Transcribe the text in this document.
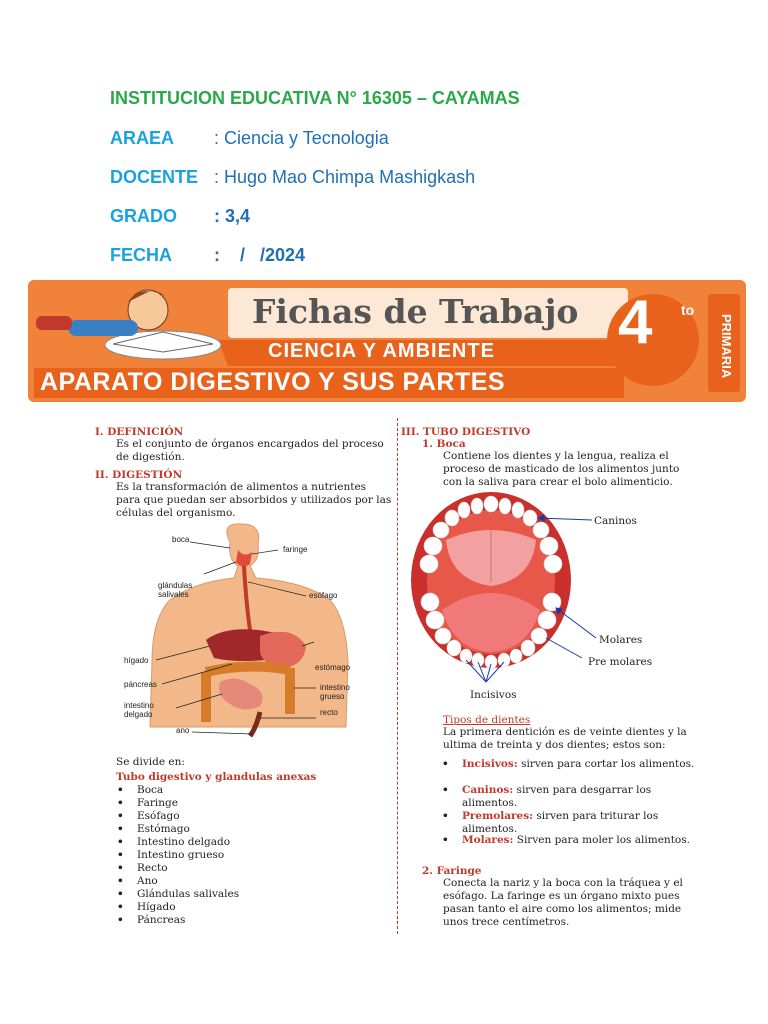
INSTITUCION EDUCATIVA N° 16305 – CAYAMAS
ARAEA : Ciencia y Tecnologia
DOCENTE : Hugo Mao Chimpa Mashigkash
GRADO : 3,4
FECHA :    /   /2024
Fichas de Trabajo
CIENCIA Y AMBIENTE
APARATO DIGESTIVO Y SUS PARTES
4 to
PRIMARIA
I. DEFINICIÓN
Es el conjunto de órganos encargados del proceso de digestión.
II. DIGESTIÓN
Es la transformación de alimentos a nutrientes para que puedan ser absorbidos y utilizados por las células del organismo.
boca
glándulas
salivales
faringe
esófago
hígado
estómago
páncreas	intestino
grueso
intestino
delgado	recto
ano
Se divide en:
Tubo digestivo y glandulas anexas
• Boca
• Faringe
• Esófago
• Estómago
• Intestino delgado
• Intestino grueso
• Recto
• Ano
• Glándulas salivales
• Hígado
• Páncreas
III. TUBO DIGESTIVO
1. Boca
Contiene los dientes y la lengua, realiza el proceso de masticado de los alimentos junto con la saliva para crear el bolo alimenticio.
Caninos
Molares
Pre molares
Incisivos
Tipos de dientes
La primera dentición es de veinte dientes y la ultima de treinta y dos dientes; estos son:
• Incisivos: sirven para cortar los alimentos.
• Caninos: sirven para desgarrar los alimentos.
• Premolares: sirven para triturar los alimentos.
• Molares: Sirven para moler los alimentos.
2. Faringe
Conecta la nariz y la boca con la tráquea y el esófago. La faringe es un órgano mixto pues pasan tanto el aire como los alimentos; mide unos trece centímetros.
